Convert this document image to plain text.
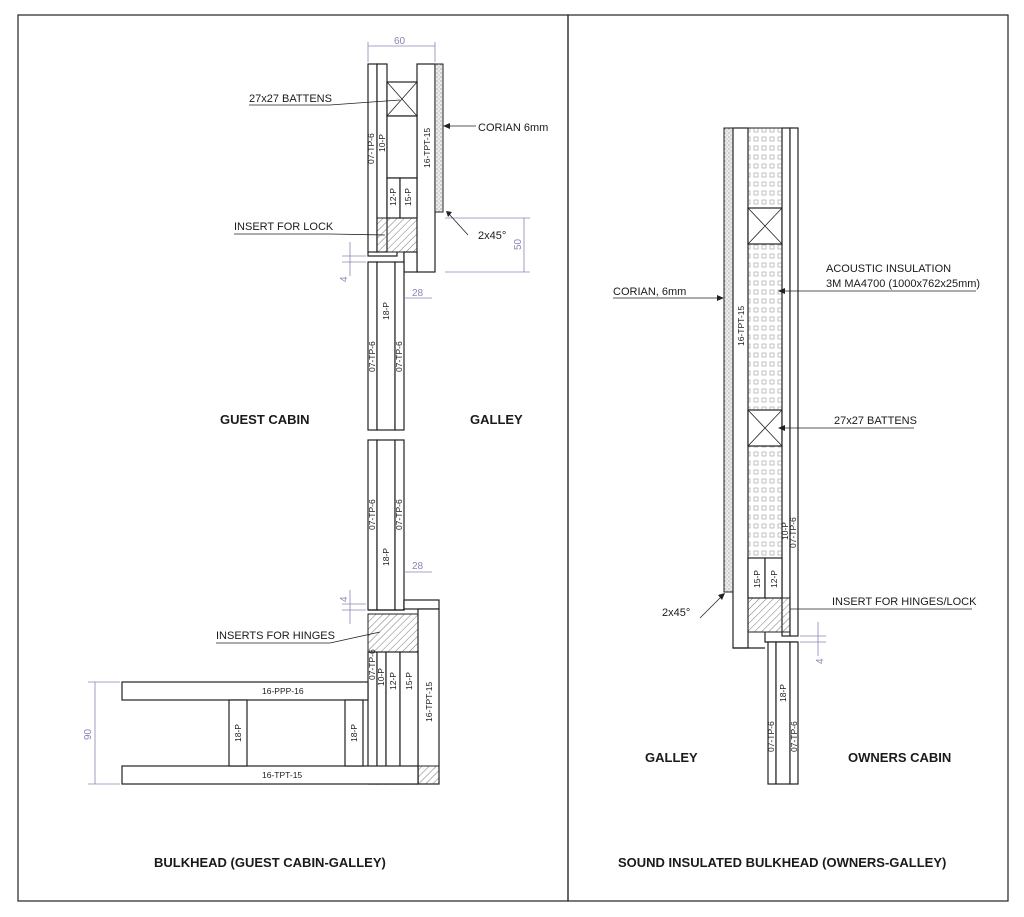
07-TP-6 10-P	16-TPT-15
12-P 15-P
18-P
07-TP-6 07-TP-6
07-TP-6 07-TP-6
18-P
07-TP-6 10-P 12-P 15-P
16-TPT-15
16-PPP-16
18-P	18-P
16-TPT-15
60
50
4
28
28
4
90
27x27 BATTENS
CORIAN 6mm
INSERT FOR LOCK
2x45°
INSERTS FOR HINGES
GUEST CABIN	GALLEY
BULKHEAD (GUEST CABIN-GALLEY)
16-TPT-15
10-P
07-TP-6
15-P 12-P
18-P
07-TP-6 07-TP-6
CORIAN, 6mm
ACOUSTIC INSULATION
3M MA4700 (1000x762x25mm)
27x27 BATTENS
2x45°
INSERT FOR HINGES/LOCK
4
GALLEY	OWNERS CABIN
SOUND INSULATED BULKHEAD (OWNERS-GALLEY)
